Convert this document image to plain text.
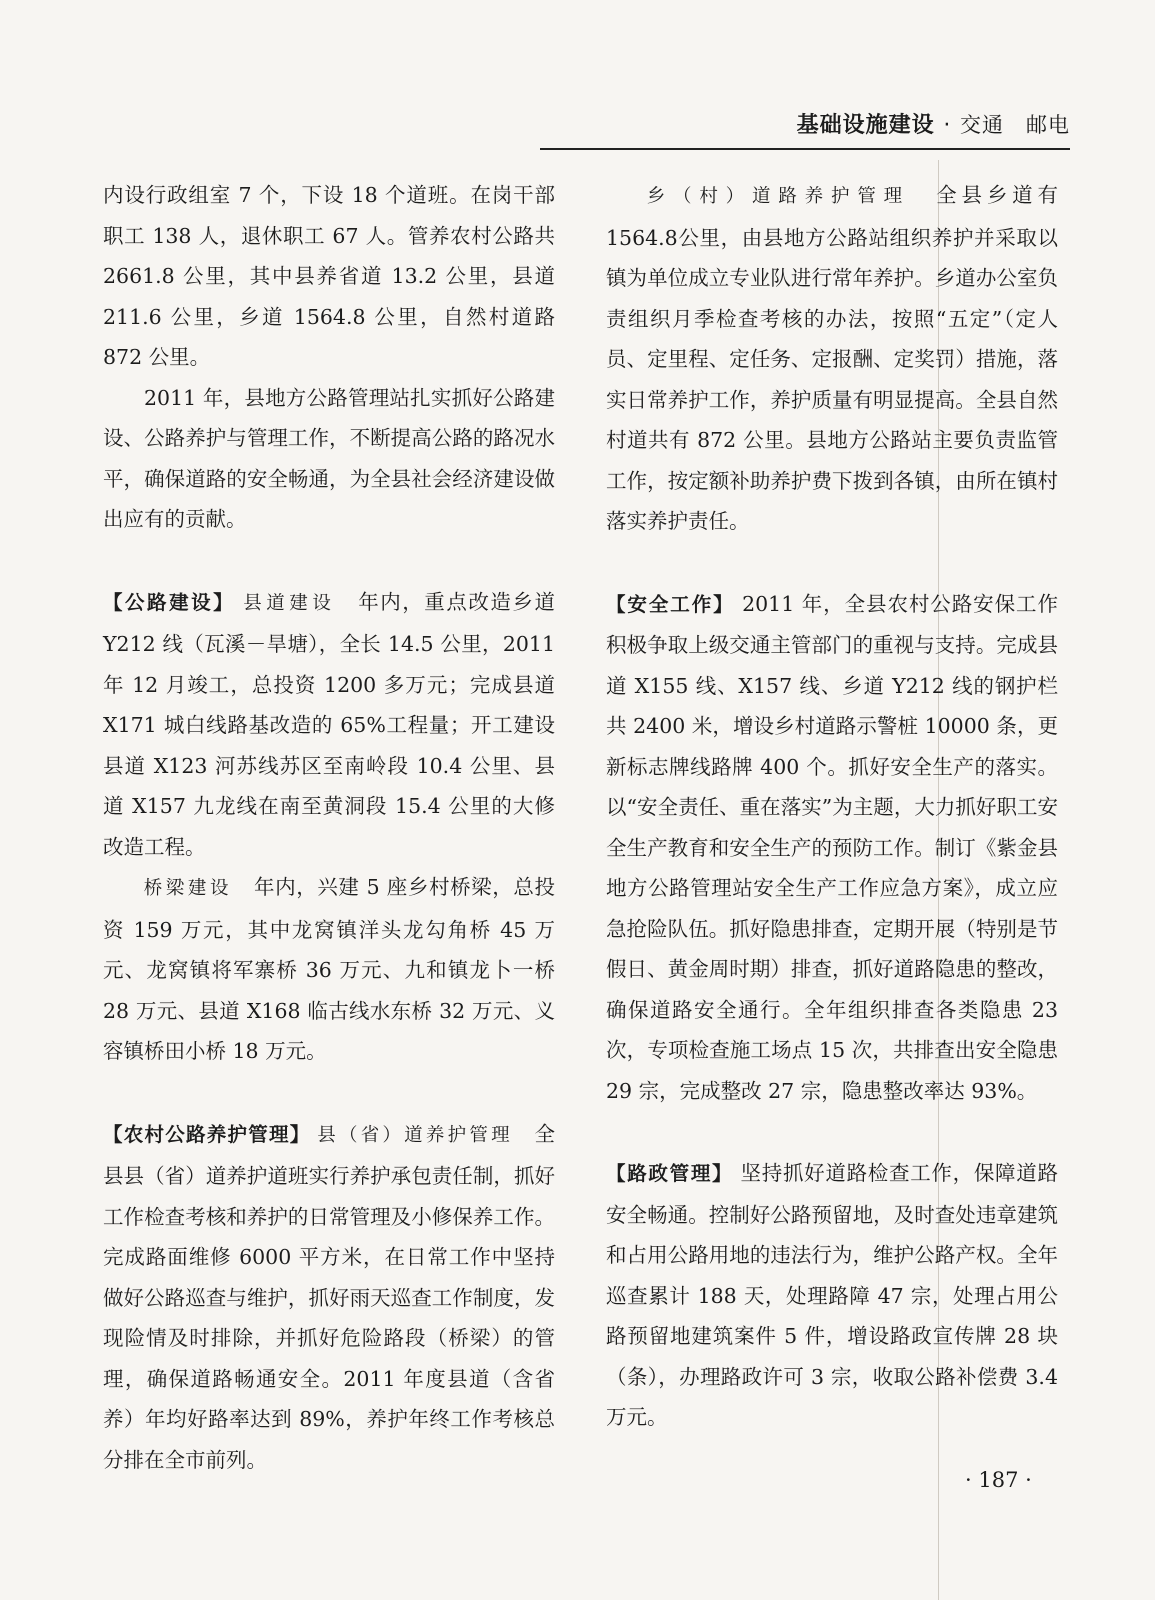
基础设施建设 · 交通　邮电

内设行政组室 7 个，下设 18 个道班。在岗干部职工 138 人，退休职工 67 人。管养农村公路共 2661.8 公里，其中县养省道 13.2 公里，县道 211.6 公里，乡道 1564.8 公里，自然村道路 872 公里。

2011 年，县地方公路管理站扎实抓好公路建设、公路养护与管理工作，不断提高公路的路况水平，确保道路的安全畅通，为全县社会经济建设做出应有的贡献。

【公路建设】 县道建设 年内，重点改造乡道 Y212 线（瓦溪－旱塘），全长 14.5 公里，2011 年 12 月竣工，总投资 1200 多万元；完成县道 X171 城白线路基改造的 65%工程量；开工建设县道 X123 河苏线苏区至南岭段 10.4 公里、县道 X157 九龙线在南至黄洞段 15.4 公里的大修改造工程。

桥梁建设 年内，兴建 5 座乡村桥梁，总投资 159 万元，其中龙窝镇洋头龙勾角桥 45 万元、龙窝镇将军寨桥 36 万元、九和镇龙卜一桥 28 万元、县道 X168 临古线水东桥 32 万元、义容镇桥田小桥 18 万元。

【农村公路养护管理】 县（省）道养护管理 全县县（省）道养护道班实行养护承包责任制，抓好工作检查考核和养护的日常管理及小修保养工作。完成路面维修 6000 平方米，在日常工作中坚持做好公路巡查与维护，抓好雨天巡查工作制度，发现险情及时排除，并抓好危险路段（桥梁）的管理，确保道路畅通安全。2011 年度县道（含省养）年均好路率达到 89%，养护年终工作考核总分排在全市前列。

乡（村）道路养护管理 全县乡道有 1564.8公里，由县地方公路站组织养护并采取以镇为单位成立专业队进行常年养护。乡道办公室负责组织月季检查考核的办法，按照“五定”（定人员、定里程、定任务、定报酬、定奖罚）措施，落实日常养护工作，养护质量有明显提高。全县自然村道共有 872 公里。县地方公路站主要负责监管工作，按定额补助养护费下拨到各镇，由所在镇村落实养护责任。

【安全工作】 2011 年，全县农村公路安保工作积极争取上级交通主管部门的重视与支持。完成县道 X155 线、X157 线、乡道 Y212 线的钢护栏共 2400 米，增设乡村道路示警桩 10000 条，更新标志牌线路牌 400 个。抓好安全生产的落实。以“安全责任、重在落实”为主题，大力抓好职工安全生产教育和安全生产的预防工作。制订《紫金县地方公路管理站安全生产工作应急方案》，成立应急抢险队伍。抓好隐患排查，定期开展（特别是节假日、黄金周时期）排查，抓好道路隐患的整改，确保道路安全通行。全年组织排查各类隐患 23 次，专项检查施工场点 15 次，共排查出安全隐患 29 宗，完成整改 27 宗，隐患整改率达 93%。

【路政管理】 坚持抓好道路检查工作，保障道路安全畅通。控制好公路预留地，及时查处违章建筑和占用公路用地的违法行为，维护公路产权。全年巡查累计 188 天，处理路障 47 宗，处理占用公路预留地建筑案件 5 件，增设路政宣传牌 28 块（条），办理路政许可 3 宗，收取公路补偿费 3.4 万元。

· 187 ·
